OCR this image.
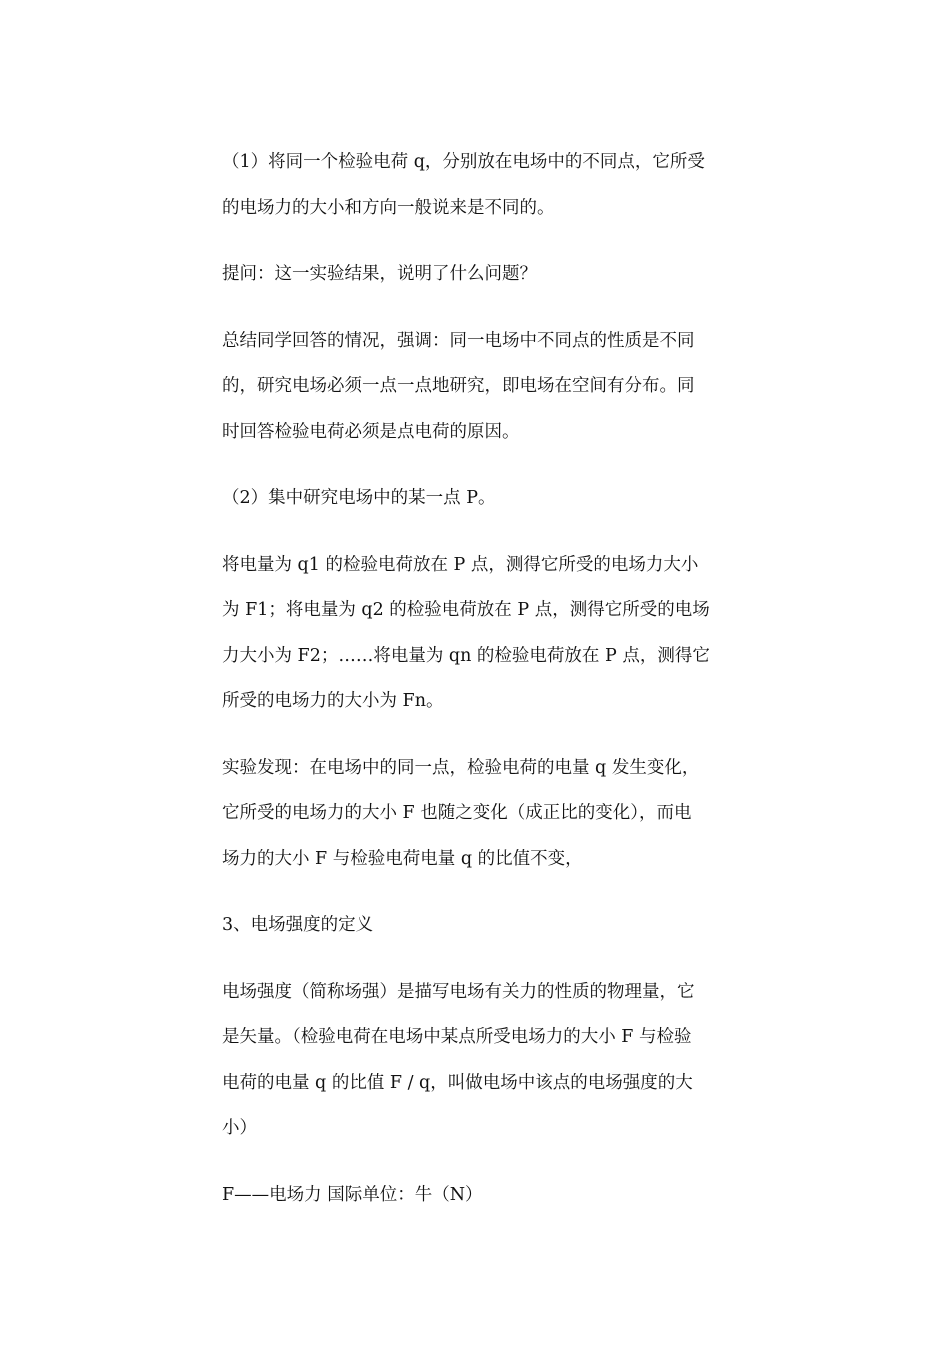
（1）将同一个检验电荷 q，分别放在电场中的不同点，它所受
的电场力的大小和方向一般说来是不同的。

提问：这一实验结果，说明了什么问题？

总结同学回答的情况，强调：同一电场中不同点的性质是不同
的，研究电场必须一点一点地研究，即电场在空间有分布。同
时回答检验电荷必须是点电荷的原因。

（2）集中研究电场中的某一点 P。

将电量为 q1 的检验电荷放在 P 点，测得它所受的电场力大小
为 F1；将电量为 q2 的检验电荷放在 P 点，测得它所受的电场
力大小为 F2；……将电量为 qn 的检验电荷放在 P 点，测得它
所受的电场力的大小为 Fn。

实验发现：在电场中的同一点，检验电荷的电量 q 发生变化，
它所受的电场力的大小 F 也随之变化（成正比的变化），而电
场力的大小 F 与检验电荷电量 q 的比值不变，

3、电场强度的定义

电场强度（简称场强）是描写电场有关力的性质的物理量，它
是矢量。（检验电荷在电场中某点所受电场力的大小 F 与检验
电荷的电量 q 的比值 F / q，叫做电场中该点的电场强度的大
小）

F——电场力 国际单位：牛（N）
